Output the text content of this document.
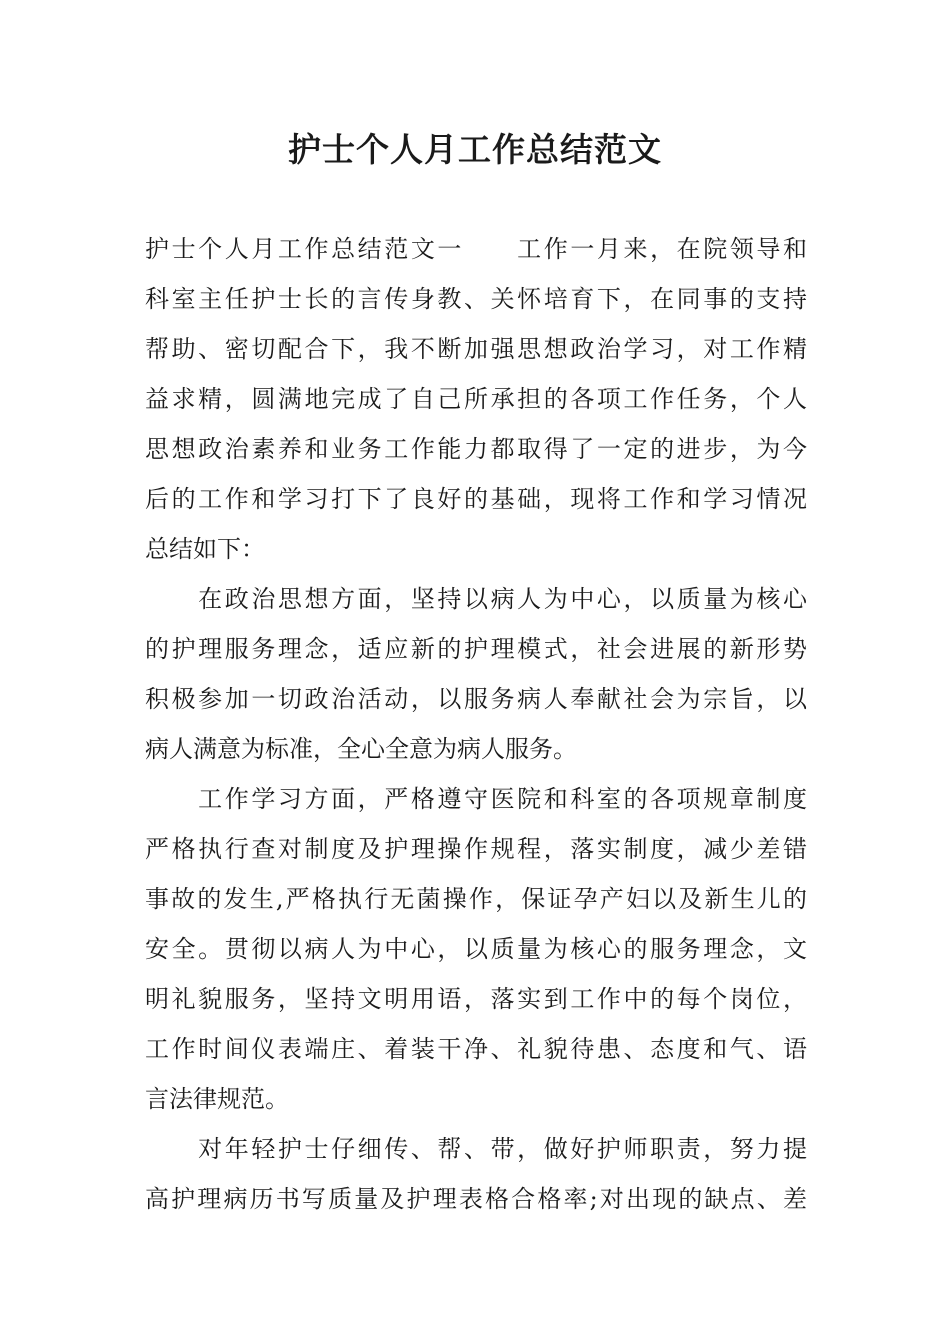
护士个人月工作总结范文
护士个人月工作总结范文一　　工作一月来，在院领导和
科室主任护士长的言传身教、关怀培育下，在同事的支持
帮助、密切配合下，我不断加强思想政治学习，对工作精
益求精，圆满地完成了自己所承担的各项工作任务，个人
思想政治素养和业务工作能力都取得了一定的进步，为今
后的工作和学习打下了良好的基础，现将工作和学习情况
总结如下：
　　在政治思想方面，坚持以病人为中心，以质量为核心
的护理服务理念，适应新的护理模式，社会进展的新形势
积极参加一切政治活动，以服务病人奉献社会为宗旨，以
病人满意为标准，全心全意为病人服务。
　　工作学习方面，严格遵守医院和科室的各项规章制度
严格执行查对制度及护理操作规程，落实制度，减少差错
事故的发生,严格执行无菌操作，保证孕产妇以及新生儿的
安全。贯彻以病人为中心，以质量为核心的服务理念，文
明礼貌服务，坚持文明用语，落实到工作中的每个岗位，
工作时间仪表端庄、着装干净、礼貌待患、态度和气、语
言法律规范。
　　对年轻护士仔细传、帮、带，做好护师职责，努力提
高护理病历书写质量及护理表格合格率;对出现的缺点、差
